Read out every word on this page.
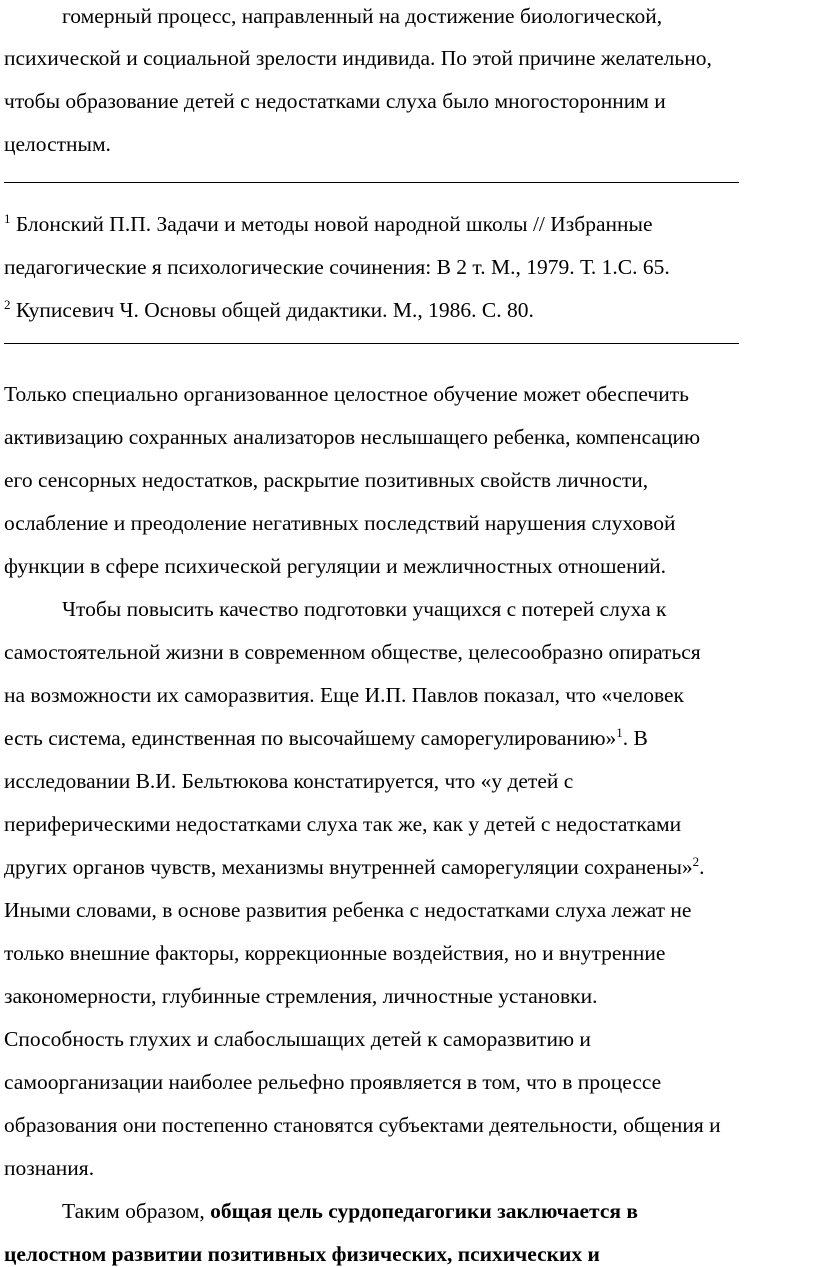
гомерный процесс, направленный на достижение биологической,
психической и социальной зрелости индивида. По этой причине желательно,
чтобы образование детей с недостатками слуха было многосторонним и
целостным.
$^1$ Блонский П.П. Задачи и методы новой народной школы // Избранные
педагогические я психологические сочинения: В 2 т. М., 1979. Т. 1.С. 65.
$^2$ Куписевич Ч. Основы общей дидактики. М., 1986. С. 80.
Только специально организованное целостное обучение может обеспечить
активизацию сохранных анализаторов неслышащего ребенка, компенсацию
его сенсорных недостатков, раскрытие позитивных свойств личности,
ослабление и преодоление негативных последствий нарушения слуховой
функции в сфере психической регуляции и межличностных отношений.
Чтобы повысить качество подготовки учащихся с потерей слуха к
самостоятельной жизни в современном обществе, целесообразно опираться
на возможности их саморазвития. Еще И.П. Павлов показал, что «человек
есть система, единственная по высочайшему саморегулированию»$^1$. В
исследовании В.И. Бельтюкова констатируется, что «у детей с
периферическими недостатками слуха так же, как у детей с недостатками
других органов чувств, механизмы внутренней саморегуляции сохранены»$^2$.
Иными словами, в основе развития ребенка с недостатками слуха лежат не
только внешние факторы, коррекционные воздействия, но и внутренние
закономерности, глубинные стремления, личностные установки.
Способность глухих и слабослышащих детей к саморазвитию и
самоорганизации наиболее рельефно проявляется в том, что в процессе
образования они постепенно становятся субъектами деятельности, общения и
познания.
Таким образом, общая цель сурдопедагогики заключается в
целостном развитии позитивных физических, психических и
